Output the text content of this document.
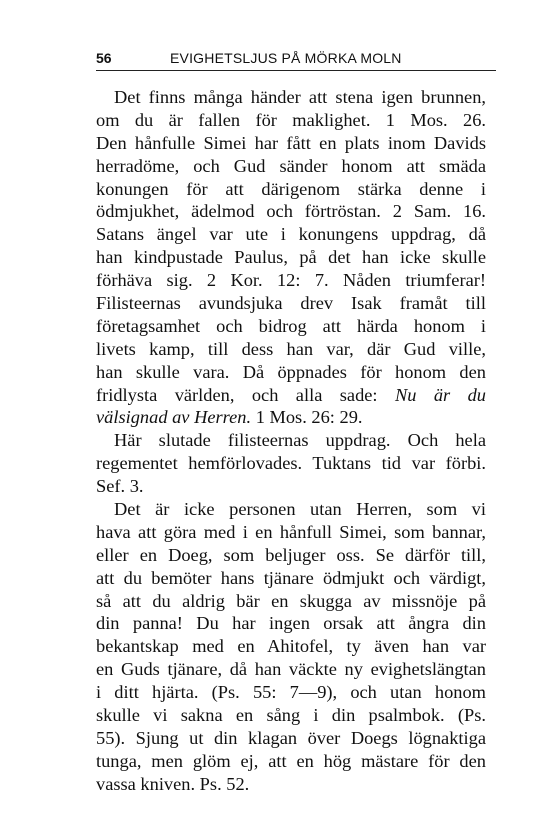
56	EVIGHETSLJUS PÅ MÖRKA MOLN
Det finns många händer att stena igen brunnen,
om du är fallen för maklighet. 1 Mos. 26.
Den hånfulle Simei har fått en plats inom Davids
herradöme, och Gud sänder honom att smäda
konungen för att därigenom stärka denne i
ödmjukhet, ädelmod och förtröstan. 2 Sam. 16.
Satans ängel var ute i konungens uppdrag, då
han kindpustade Paulus, på det han icke skulle
förhäva sig. 2 Kor. 12: 7. Nåden triumferar!
Filisteernas avundsjuka drev Isak framåt till
företagsamhet och bidrog att härda honom i
livets kamp, till dess han var, där Gud ville,
han skulle vara. Då öppnades för honom den
fridlysta världen, och alla sade: Nu är du
välsignad av Herren. 1 Mos. 26: 29.
Här slutade filisteernas uppdrag. Och hela
regementet hemförlovades. Tuktans tid var förbi.
Sef. 3.
Det är icke personen utan Herren, som vi
hava att göra med i en hånfull Simei, som bannar,
eller en Doeg, som beljuger oss. Se därför till,
att du bemöter hans tjänare ödmjukt och värdigt,
så att du aldrig bär en skugga av missnöje på
din panna! Du har ingen orsak att ångra din
bekantskap med en Ahitofel, ty även han var
en Guds tjänare, då han väckte ny evighetslängtan
i ditt hjärta. (Ps. 55: 7—9), och utan honom
skulle vi sakna en sång i din psalmbok. (Ps.
55). Sjung ut din klagan över Doegs lögnaktiga
tunga, men glöm ej, att en hög mästare för den
vassa kniven. Ps. 52.
